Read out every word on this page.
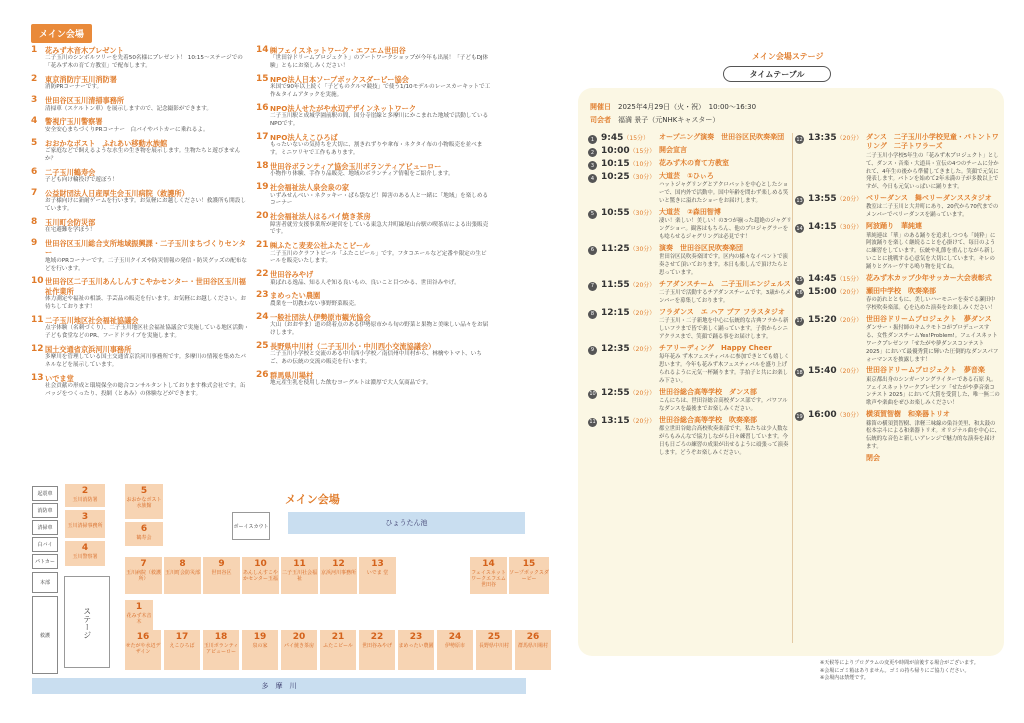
メイン会場
1	花みず木音木プレゼント
二子玉川のシンボルツリーを先着50名様にプレゼント！ 10:15〜ステージでの「花みず木の育て方教室」で配布します。
2	東京消防庁玉川消防署
消防PRコーナーです。
3	世田谷区玉川清掃事務所
清掃車（スケルトン車）を展示しますので、記念撮影ができます。
4	警視庁玉川警察署
安全安心まちづくりPRコーナー　白バイやパトカーに乗れるよ。
5	おおかなボスト　ふれあい移動水族館
ご家庭などで飼えるような水生の生き物を展示します。生物たちと遊びませんか？
6	二子玉川鶴寿会
子ども向け輪投げで遊ぼう！
7	公益財団法人日産厚生会玉川病院（救護所）
お子様向けに新耐ゲームを行います。お気軽にお越しください！救護所も開設しています。
8	玉川町会防災部
在宅避難を学ぼう！
9	世田谷区玉川総合支所地域振興課・二子玉川まちづくりセンター
地域のPRコーナーです。二子玉川クイズや防災情報の発信・防災グッズの配布などを行います。
10 世田谷区二子玉川あんしんすこやかセンター・世田谷区玉川福祉作業所
体力測定や福祉の相談、手芸品の販売を行います。お気軽にお越しください。お待ちしております！
11 二子玉川地区社会福祉協議会
点字体験（名刺づくり）、二子玉川地区社会福祉協議会で実施している地区活動・子ども食堂などのPR、フードドライブを実施します。
12 国土交通省京浜河川事務所
多摩川を管理している国土交通省京浜河川事務所です。多摩川の情報を集めたパネルなどを展示しています。
13 いでま堂
社会貢献の形成と環境保全の総合コンサルタントしております株式会社です。缶バッジをつくったり、投網（とあみ）の体験などができます。
14 ㈱フェイスネットワーク・エフエム世田谷
「世田谷ドリームプロジェクト」のアートワークショップが今年も出展！「子どもDJ体験」ともにお楽しみください！
15 NPO法人日本ソープボックスダービー協会
米国で90年以上続く「子どものクルマ競技」で使う1/10モデルのレースカーキットで工作＆タイムアタックを実施。
16 NPO法人せたがや水辺デザインネットワーク
二子玉川駅と成城学園前駅の間、国分寺崖線と多摩川にかこまれた地域で活動しているNPOです。
17 NPO法人えこひろば
もったいないの気持ちを大切に、割きれずりや傘布・ネクタイ布の小物販売を並べます。ミニワリヤで工作もあります。
18 世田谷ボランティア協会玉川ボランティアビューロー
小物作り体験、手作り品販売、地域のボランティア情報をご紹介します。
19 社会福祉法人泉会泉の家
いずみせんべい・ネクッキー・ぱら袋など！障害のある人と一緒に「地域」を楽しめるコーナー
20 社会福祉法人はるパイ焼き茶房
障害者就労支援事業所が運営をしている東急大井町線尾山台駅の喫茶店による出張販売です。
21 ㈱ふたこ麦麦公社ふたこビール
二子玉川のクラフトビール「ふたこビール」です。フタコエールなど定番や限定の生ビールを販売いたします。
22 世田谷みやげ
菓ばれる逸品、知る人ぞ知る良いもの、良いこと目つかる、世田谷みやげ。
23 まめったい農園
農業を一切教わない事野野菜販売。
24 一般社団法人伊勢原市観光協会
大山（おおやま）道の終着点のある伊勢原市から旬の野菜と果物と美味しい品々をお届けします。
25 長野県中川村（二子玉川小・中川西小交流協議会）
二子玉川小学校と交流のある中川西小学校／南信州中川村から、林檎やトマト、いちご、あの伝統の交流の販売を行います。
26 群馬県川場村
地元産生乳を使用した飲むヨーグルトは濃厚で大人気商品です。
メイン会場
ひょうたん池
ボーイスカウト
起震車
消防車
清掃車
白バイ
パトカー
本部
救護
2
玉川消防署
3
玉川清掃事務所
4
玉川警察署
5
おおかなボスト水族館
6
鶴寿会
1
花みず木音木
ステージ
7
玉川病院（救護所）
8
玉川町会防災部
9
世田谷区
10
あんしんすこやかセンター玉福
11
二子玉川社会福祉
12
京浜河川事務所
13
いでま 堂
14
フェイスネットワークエフエム世田谷
15
ソープボックスダービー
16
せたがや水辺デザイン
17
えこひろば
18
玉川ボランティアビューロー
19
泉の家
20
パイ焼き茶房
21
ふたこビール
22
世田谷みやげ
23
まめったい農園
24
伊勢原市
25
長野県中川村
26
群馬県川場村
多　摩　川
メイン会場ステージ
タイムテーブル
開催日　 2025年4月29日（火・祝）　10:00〜16:30
司会者　 福満 景子（元NHKキャスター）
1 9:45（15分）	オープニング演奏　世田谷区民吹奏楽団
2 10:00（15分） 開会宣言
3 10:15（10分） 花みず木の育て方教室
4 10:25（30分） 大道芸　①ひぃろ
ハットジャグリングとアクロバットを中心としたショーで、国内外で活動中。国中年齢を問わず楽しめる笑いと驚きに溢れたショーをお届けします。
5 10:55（30分） 大道芸　②森田智博
凄い！楽しい！美しい！の3つが揃った超絶のジャグリングショー。観客はもちろん、他のプロジャグラーをも唸らせるジャグリングは必見です！
6 11:25（30分） 演奏　世田谷区民吹奏楽団
世田谷区民吹奏楽団です。区内の様々なイベントで演奏させて頂いております。本日も楽しんで頂けたらと思っています。
7 11:55（20分） チアダンスチーム　二子玉川エンジェルス
二子玉川で活動するチアダンスチームです。3歳からメンバーを募集しております。
8 12:15（20分） フラダンス　エ ハア プア フラスタジオ
二子玉川・二子新地を中心に伝統的な古典フラから新しいフラまで皆で楽しく踊っています。子供からシニアクラスまで、笑顔で踊る事をお届けします。
9 12:35（20分） チアリーディング　Happy Cheer
毎年花み ず木フェスティバルに参加できとても嬉しく思います。今年も花みず木フェスティバルを盛り上げられるように元気一杯踊ります。手拍子と共にお楽しみ下さい。
10 12:55（20分） 世田谷総合高等学校　ダンス部
こんにちは、世田谷総合高校ダンス部です。パワフルなダンスを最後までお楽しみください。
11 13:15（20分） 世田谷総合高等学校　吹奏楽部
都立世田谷総合高校吹奏楽部です。私たちは少人数ながらもみんなで協力しながら日々練習しています。今日も日ごろの練習の成果が出せるように頑張って演奏します。どうぞお楽しみください。
12 13:35（20分） ダンス　二子玉川小学校児童・パトントワリング　二子トワラーズ
二子玉川小学校5年生の「花みず木プロジェクト」として、ダンス・音楽・大道具・宣伝の4つのチームに分かれて、4年生の後から準備してきました。笑顔で元気に発表します。バトンを始めて2年未満の子が多数以上ですが、今日も元気いっぱいに踊ります。
13 13:55（20分） ベリーダンス　舞ベリーダンススタジオ
教室は二子玉川と大井町にあり、20代から70代までのメンバーでベリーダンスを踊っています。
14 14:15（30分） 阿波踊り　華純連
華純連は「華」のある踊りを追求しつつも「純粋」に阿波踊りを楽しく継続ることを心掛けて、毎日のように練習をしています。伝統や礼節を重んじながら新しいことに挑戦する心意気を大切にしています。キレの踊りとグルーヴする鳴り物を見てね。
15 14:45（15分） 花みず木カップ少年サッカー大会表彰式
16 15:00（20分） 瀬田中学校　吹奏楽部
春の訪れとともに、美しいハーモニーを奏でる瀬田中学校吹奏楽部。心を込めた演奏をお楽しみください！
17 15:20（20分） 世田谷ドリームプロジェクト　夢ダンス
ダンサー・振付師のキムラモトコがプロデュースする、女性ダンスチームYes!Problem!。フェイスネットワークプレゼンツ「せたがや夢ダンスコンテスト2025」において最優秀賞に輝いた圧倒的なダンスパフォーマンスを披露します！
18 15:40（20分） 世田谷ドリームプロジェクト　夢音楽
東京都出身のシンガーソングライターである石原 丸。フェイスネットワークプレゼンツ「せたがや夢音楽コンテスト 2025」において大賞を受賞した、唯一無二の歌声や楽曲をぜひお楽しみください！
19 16:00（30分） 横須賀智樹　和楽器トリオ
篠笛の横須賀智樹、津軽三味線の染谷美里、和太鼓の松本宗斗による和楽器トリオ。オリジナル曲を中心に、伝統的な音色と新しいアレンジで魅力的な演奏を届けます。
閉会
※天候等によりプログラムの変更や時間が前後する場合がございます。
※会場にゴミ箱はありません。ゴミの持ち帰りにご協力ください。
※会場内は禁煙です。
